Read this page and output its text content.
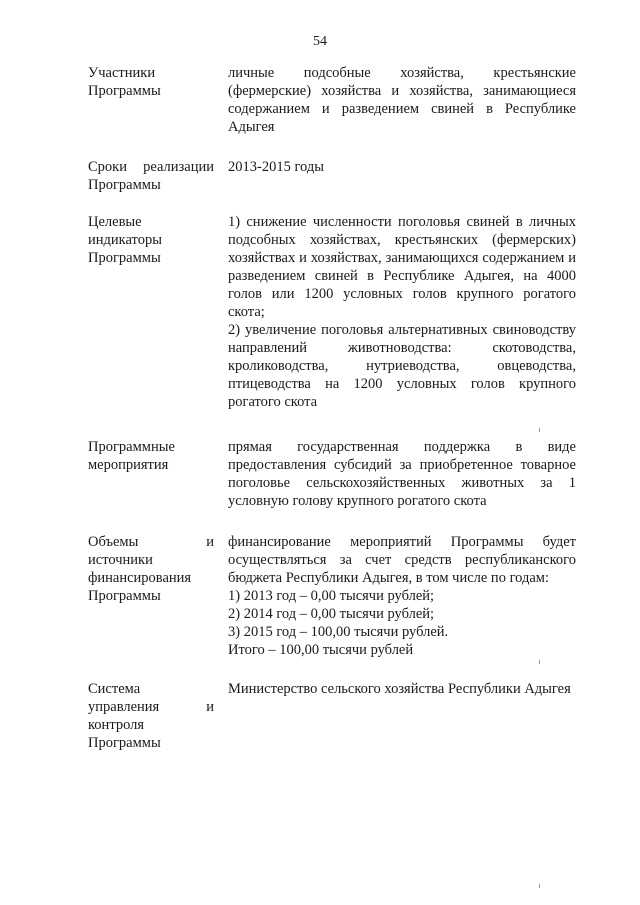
54
Участники Программы
личные подсобные хозяйства, крестьянские (фермерские) хозяйства и хозяйства, занимающиеся содержанием и разведением свиней в Республике Адыгея
Сроки реализации Программы
2013-2015 годы
Целевые индикаторы Программы
1) снижение численности поголовья свиней в личных подсобных хозяйствах, крестьянских (фермерских) хозяйствах и хозяйствах, занимающихся содержанием и разведением свиней в Республике Адыгея, на 4000 голов или 1200 условных голов крупного рогатого скота;
2) увеличение поголовья альтернативных свиноводству направлений животноводства: скотоводства, кролиководства, нутриеводства, овцеводства, птицеводства на 1200 условных голов крупного рогатого скота
Программные мероприятия
прямая государственная поддержка в виде предоставления субсидий за приобретенное товарное поголовье сельскохозяйственных животных за 1 условную голову крупного рогатого скота
Объемы и источники финансирования Программы
финансирование мероприятий Программы будет осуществляться за счет средств республиканского бюджета Республики Адыгея, в том числе по годам:
1) 2013 год – 0,00 тысячи рублей;
2) 2014 год – 0,00 тысячи рублей;
3) 2015 год – 100,00 тысячи рублей.
Итого – 100,00 тысячи рублей
Система управления и контроля Программы
Министерство сельского хозяйства Республики Адыгея
